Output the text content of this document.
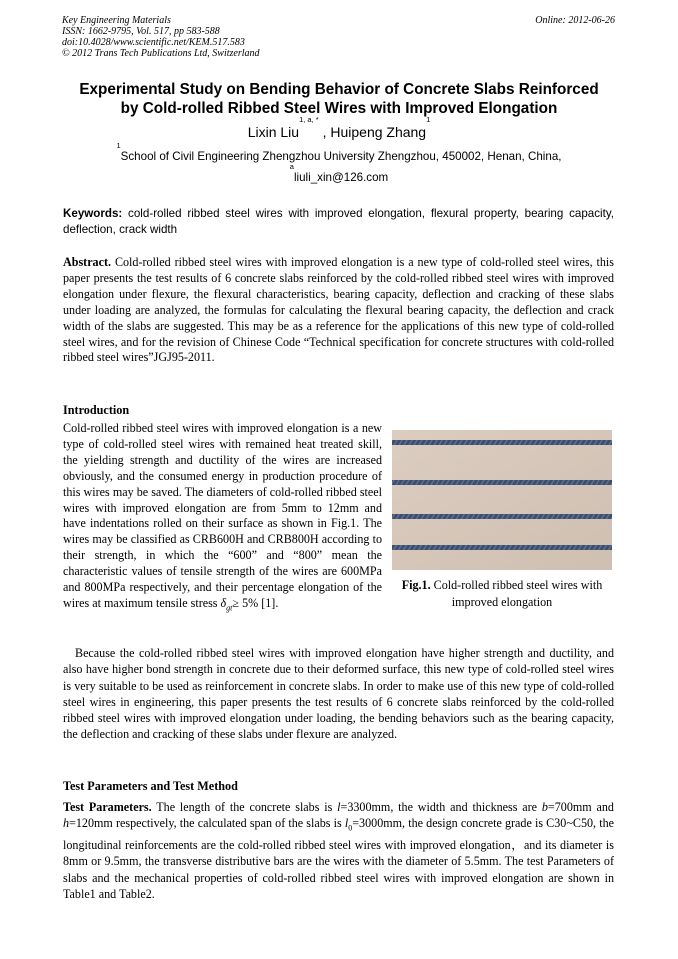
Key Engineering Materials
ISSN: 1662-9795, Vol. 517, pp 583-588
doi:10.4028/www.scientific.net/KEM.517.583
© 2012 Trans Tech Publications Ltd, Switzerland
Online: 2012-06-26
Experimental Study on Bending Behavior of Concrete Slabs Reinforced
by Cold-rolled Ribbed Steel Wires with Improved Elongation
Lixin Liu$^{1, a, *}$ , Huipeng Zhang$^1$
$^1$School of Civil Engineering Zhengzhou University Zhengzhou, 450002, Henan, China,
$^a$liuli_xin@126.com
Keywords: cold-rolled ribbed steel wires with improved elongation, flexural property, bearing capacity, deflection, crack width
Abstract. Cold-rolled ribbed steel wires with improved elongation is a new type of cold-rolled steel wires, this paper presents the test results of 6 concrete slabs reinforced by the cold-rolled ribbed steel wires with improved elongation under flexure, the flexural characteristics, bearing capacity, deflection and cracking of these slabs under loading are analyzed, the formulas for calculating the flexural bearing capacity, the deflection and crack width of the slabs are suggested. This may be as a reference for the applications of this new type of cold-rolled steel wires, and for the revision of Chinese Code “Technical specification for concrete structures with cold-rolled ribbed steel wires”JGJ95-2011.
Introduction
Cold-rolled ribbed steel wires with improved elongation is a new type of cold-rolled steel wires with remained heat treated skill, the yielding strength and ductility of the wires are increased obviously, and the consumed energy in production procedure of this wires may be saved. The diameters of cold-rolled ribbed steel wires with improved elongation are from 5mm to 12mm and have indentations rolled on their surface as shown in Fig.1. The wires may be classified as CRB600H and CRB800H according to their strength, in which the “600” and “800” mean the characteristic values of tensile strength of the wires are 600MPa and 800MPa respectively, and their percentage elongation of the wires at maximum tensile stress $\delta_{gt}\ge 5\%$ [1].
Fig.1. Cold-rolled ribbed steel wires with improved elongation
Because the cold-rolled ribbed steel wires with improved elongation have higher strength and ductility, and also have higher bond strength in concrete due to their deformed surface, this new type of cold-rolled steel wires is very suitable to be used as reinforcement in concrete slabs. In order to make use of this new type of cold-rolled steel wires in engineering, this paper presents the test results of 6 concrete slabs reinforced by the cold-rolled ribbed steel wires with improved elongation under loading, the bending behaviors such as the bearing capacity, the deflection and cracking of these slabs under flexure are analyzed.
Test Parameters and Test Method
Test Parameters. The length of the concrete slabs is l=3300mm, the width and thickness are b=700mm and h=120mm respectively, the calculated span of the slabs is $l_0=3000mm$, the design concrete grade is C30~C50, the longitudinal reinforcements are the cold-rolled ribbed steel wires with improved elongation，and its diameter is 8mm or 9.5mm, the transverse distributive bars are the wires with the diameter of 5.5mm. The test Parameters of slabs and the mechanical properties of cold-rolled ribbed steel wires with improved elongation are shown in Table1 and Table2.
